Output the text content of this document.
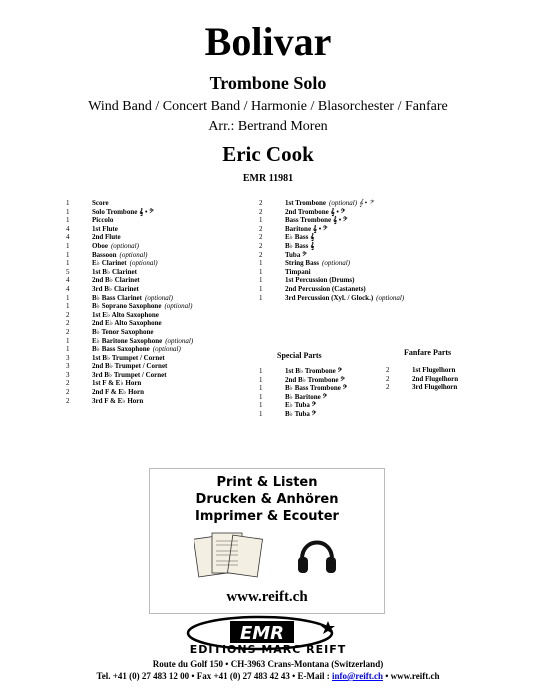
Bolivar
Trombone Solo
Wind Band / Concert Band / Harmonie / Blasorchester / Fanfare
Arr.: Bertrand Moren
Eric Cook
EMR 11981
1	Score
1	Solo Trombone 𝄞 • 𝄢
1	Piccolo
4	1st Flute
4	2nd Flute
1	Oboe (optional)
1	Bassoon (optional)
1	E♭ Clarinet (optional)
5	1st B♭ Clarinet
4	2nd B♭ Clarinet
4	3rd B♭ Clarinet
1	B♭ Bass Clarinet (optional)
1	B♭ Soprano Saxophone (optional)
2	1st E♭ Alto Saxophone
2	2nd E♭ Alto Saxophone
2	B♭ Tenor Saxophone
1	E♭ Baritone Saxophone (optional)
1	B♭ Bass Saxophone (optional)
3	1st B♭ Trumpet / Cornet
3	2nd B♭ Trumpet / Cornet
3	3rd B♭ Trumpet / Cornet
2	1st F & E♭ Horn
2	2nd F & E♭ Horn
2	3rd F & E♭ Horn
2	1st Trombone (optional) 𝄞 • 𝄢
2	2nd Trombone 𝄞 • 𝄢
1	Bass Trombone 𝄞 • 𝄢
2	Baritone 𝄞 • 𝄢
2	E♭ Bass 𝄞
2	B♭ Bass 𝄞
2	Tuba 𝄢
1	String Bass (optional)
1	Timpani
1	1st Percussion (Drums)
1	2nd Percussion (Castanets)
1	3rd Percussion (Xyl. / Glock.) (optional)
Special Parts
1	1st B♭ Trombone 𝄢
1	2nd B♭ Trombone 𝄢
1	B♭ Bass Trombone 𝄢
1	B♭ Baritone 𝄢
1	E♭ Tuba 𝄢
1	B♭ Tuba 𝄢
Fanfare Parts
2	1st Flugelhorn
2	2nd Flugelhorn
2	3rd Flugelhorn
Print & Listen
Drucken & Anhören
Imprimer & Ecouter
www.reift.ch
EMR
EDITIONS MARC REIFT
Route du Golf 150 • CH-3963 Crans-Montana (Switzerland)
Tel. +41 (0) 27 483 12 00 • Fax +41 (0) 27 483 42 43 • E-Mail : info@reift.ch • www.reift.ch
